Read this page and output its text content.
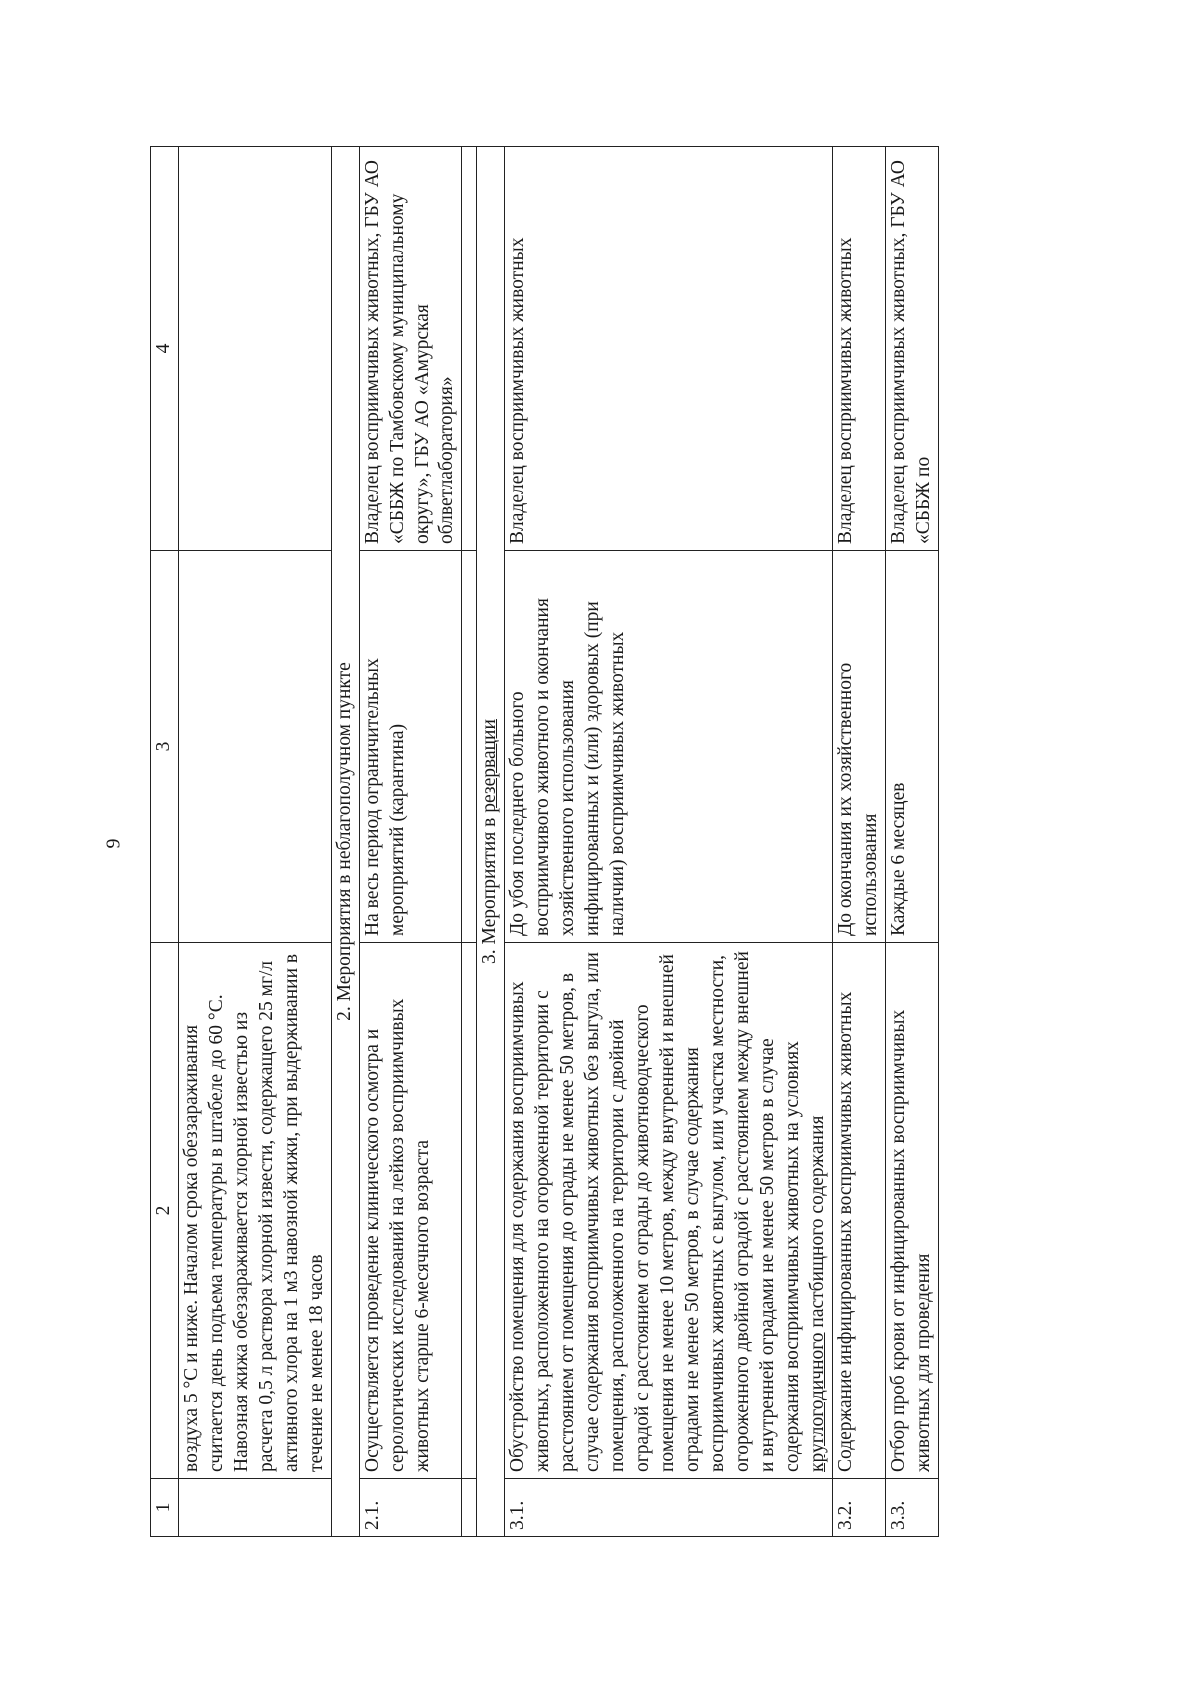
9
1	2	3	4
	воздуха 5 °С и ниже. Началом срока обеззараживания считается день подъема температуры в штабеле до 60 °С. Навозная жижа обеззараживается хлорной известью из расчета 0,5 л раствора хлорной извести, содержащего 25 мг/л активного хлора на 1 м3 навозной жижи, при выдерживании в течение не менее 18 часов		
2. Мероприятия в неблагополучном пункте			
2.1.	Осуществляется проведение клинического осмотра и серологических исследований на лейкоз восприимчивых животных старше 6-месячного возраста	На весь период ограничительных мероприятий (карантина)	Владелец восприимчивых животных, ГБУ АО «СББЖ по Тамбовскому муниципальному округу», ГБУ АО «Амурская облветлаборатория»

3. Мероприятия в резервации			
3.1.	Обустройство помещения для содержания восприимчивых животных, расположенного на огороженной территории с расстоянием от помещения до ограды не менее 50 метров, в случае содержания восприимчивых животных без выгула, или помещения, расположенного на территории с двойной оградой с расстоянием от ограды до животноводческого помещения не менее 10 метров, между внутренней и внешней оградами не менее 50 метров, в случае содержания восприимчивых животных с выгулом, или участка местности, огороженного двойной оградой с расстоянием между внешней и внутренней оградами не менее 50 метров в случае содержания восприимчивых животных на условиях круглогодичного пастбищного содержания	До убоя последнего больного восприимчивого животного и окончания хозяйственного использования инфицированных и (или) здоровых (при наличии) восприимчивых животных	Владелец восприимчивых животных
3.2.	Содержание инфицированных восприимчивых животных	До окончания их хозяйственного использования	Владелец восприимчивых животных
3.3.	Отбор проб крови от инфицированных восприимчивых животных для проведения	Каждые 6 месяцев	Владелец восприимчивых животных, ГБУ АО «СББЖ по
